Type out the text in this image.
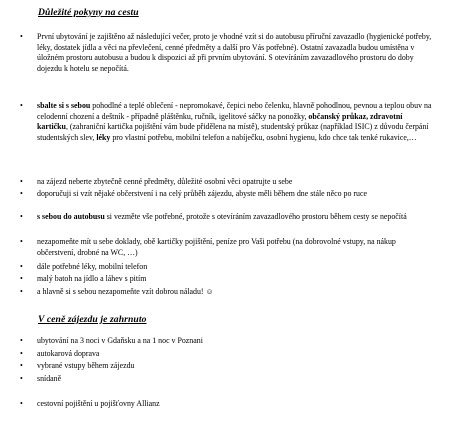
Důležité pokyny na cestu
• První ubytování je zajištěno až následující večer, proto je vhodné vzít si do autobusu příruční zavazadlo (hygienické potřeby, léky, dostatek jídla a věci na převlečení, cenné předměty a další pro Vás potřebné). Ostatní zavazadla budou umístěna v úložném prostoru autobusu a budou k dispozici až při prvním ubytování. S otevíráním zavazadlového prostoru do doby dojezdu k hotelu se nepočítá.
• sbalte si s sebou pohodlné a teplé oblečení - nepromokavé, čepici nebo čelenku, hlavně pohodlnou, pevnou a teplou obuv na celodenní chození a deštník - případně pláštěnku, ručník, igelitové sáčky na ponožky, občanský průkaz, zdravotní kartičku, (zahraniční kartička pojištění vám bude přidělena na místě), studentský průkaz (například ISIC) z důvodu čerpání studentských slev, léky pro vlastní potřebu, mobilní telefon a nabíječku, osobní hygienu, kdo chce tak tenké rukavice,…
• na zájezd neberte zbytečně cenné předměty, důležité osobní věci opatrujte u sebe
• doporučuji si vzít nějaké občerstvení i na celý průběh zájezdu, abyste měli během dne stále něco po ruce
• s sebou do autobusu si vezměte vše potřebné, protože s otevíráním zavazadlového prostoru během cesty se nepočítá
• nezapomeňte mít u sebe doklady, obě kartičky pojištění, peníze pro Vaši potřebu (na dobrovolné vstupy, na nákup občerstvení, drobné na WC, …)
• dále potřebné léky, mobilní telefon
• malý batoh na jídlo a láhev s pitím
• a hlavně si s sebou nezapomeňte vzít dobrou náladu! ☺
V ceně zájezdu je zahrnuto
• ubytování na 3 noci v Gdaňsku a na 1 noc v Poznani
• autokarová doprava
• vybrané vstupy během zájezdu
• snídaně
• cestovní pojištění u pojišťovny Allianz
